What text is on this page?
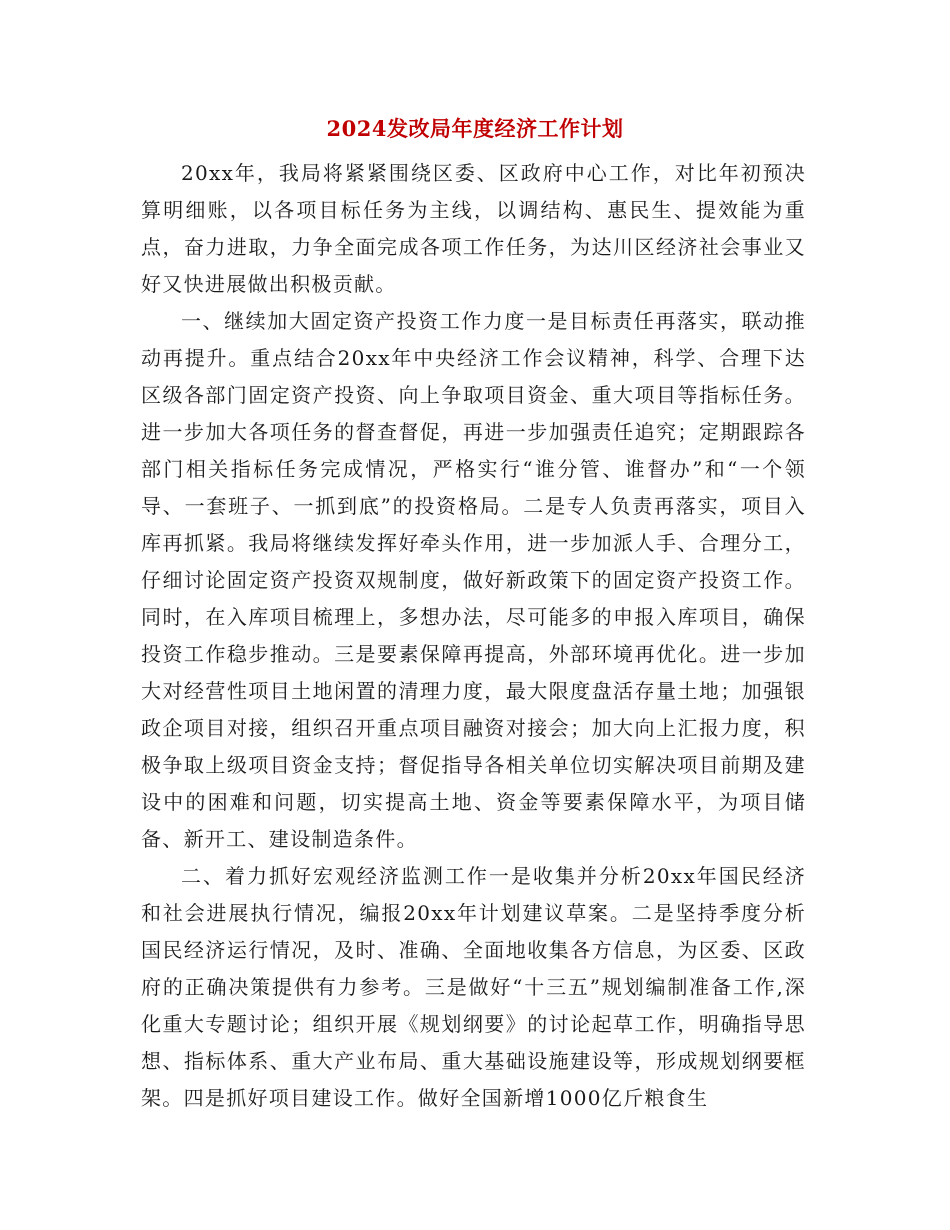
2024发改局年度经济工作计划

20xx年，我局将紧紧围绕区委、区政府中心工作，对比年初预决算明细账，以各项目标任务为主线，以调结构、惠民生、提效能为重点，奋力进取，力争全面完成各项工作任务，为达川区经济社会事业又好又快进展做出积极贡献。

一、继续加大固定资产投资工作力度一是目标责任再落实，联动推动再提升。重点结合20xx年中央经济工作会议精神，科学、合理下达区级各部门固定资产投资、向上争取项目资金、重大项目等指标任务。进一步加大各项任务的督查督促，再进一步加强责任追究；定期跟踪各部门相关指标任务完成情况，严格实行“谁分管、谁督办”和“一个领导、一套班子、一抓到底”的投资格局。二是专人负责再落实，项目入库再抓紧。我局将继续发挥好牵头作用，进一步加派人手、合理分工，仔细讨论固定资产投资双规制度，做好新政策下的固定资产投资工作。同时，在入库项目梳理上，多想办法，尽可能多的申报入库项目，确保投资工作稳步推动。三是要素保障再提高，外部环境再优化。进一步加大对经营性项目土地闲置的清理力度，最大限度盘活存量土地；加强银政企项目对接，组织召开重点项目融资对接会；加大向上汇报力度，积极争取上级项目资金支持；督促指导各相关单位切实解决项目前期及建设中的困难和问题，切实提高土地、资金等要素保障水平，为项目储备、新开工、建设制造条件。

二、着力抓好宏观经济监测工作一是收集并分析20xx年国民经济和社会进展执行情况，编报20xx年计划建议草案。二是坚持季度分析国民经济运行情况，及时、准确、全面地收集各方信息，为区委、区政府的正确决策提供有力参考。三是做好“十三五”规划编制准备工作,深化重大专题讨论；组织开展《规划纲要》的讨论起草工作，明确指导思想、指标体系、重大产业布局、重大基础设施建设等，形成规划纲要框架。四是抓好项目建设工作。做好全国新增1000亿斤粮食生
